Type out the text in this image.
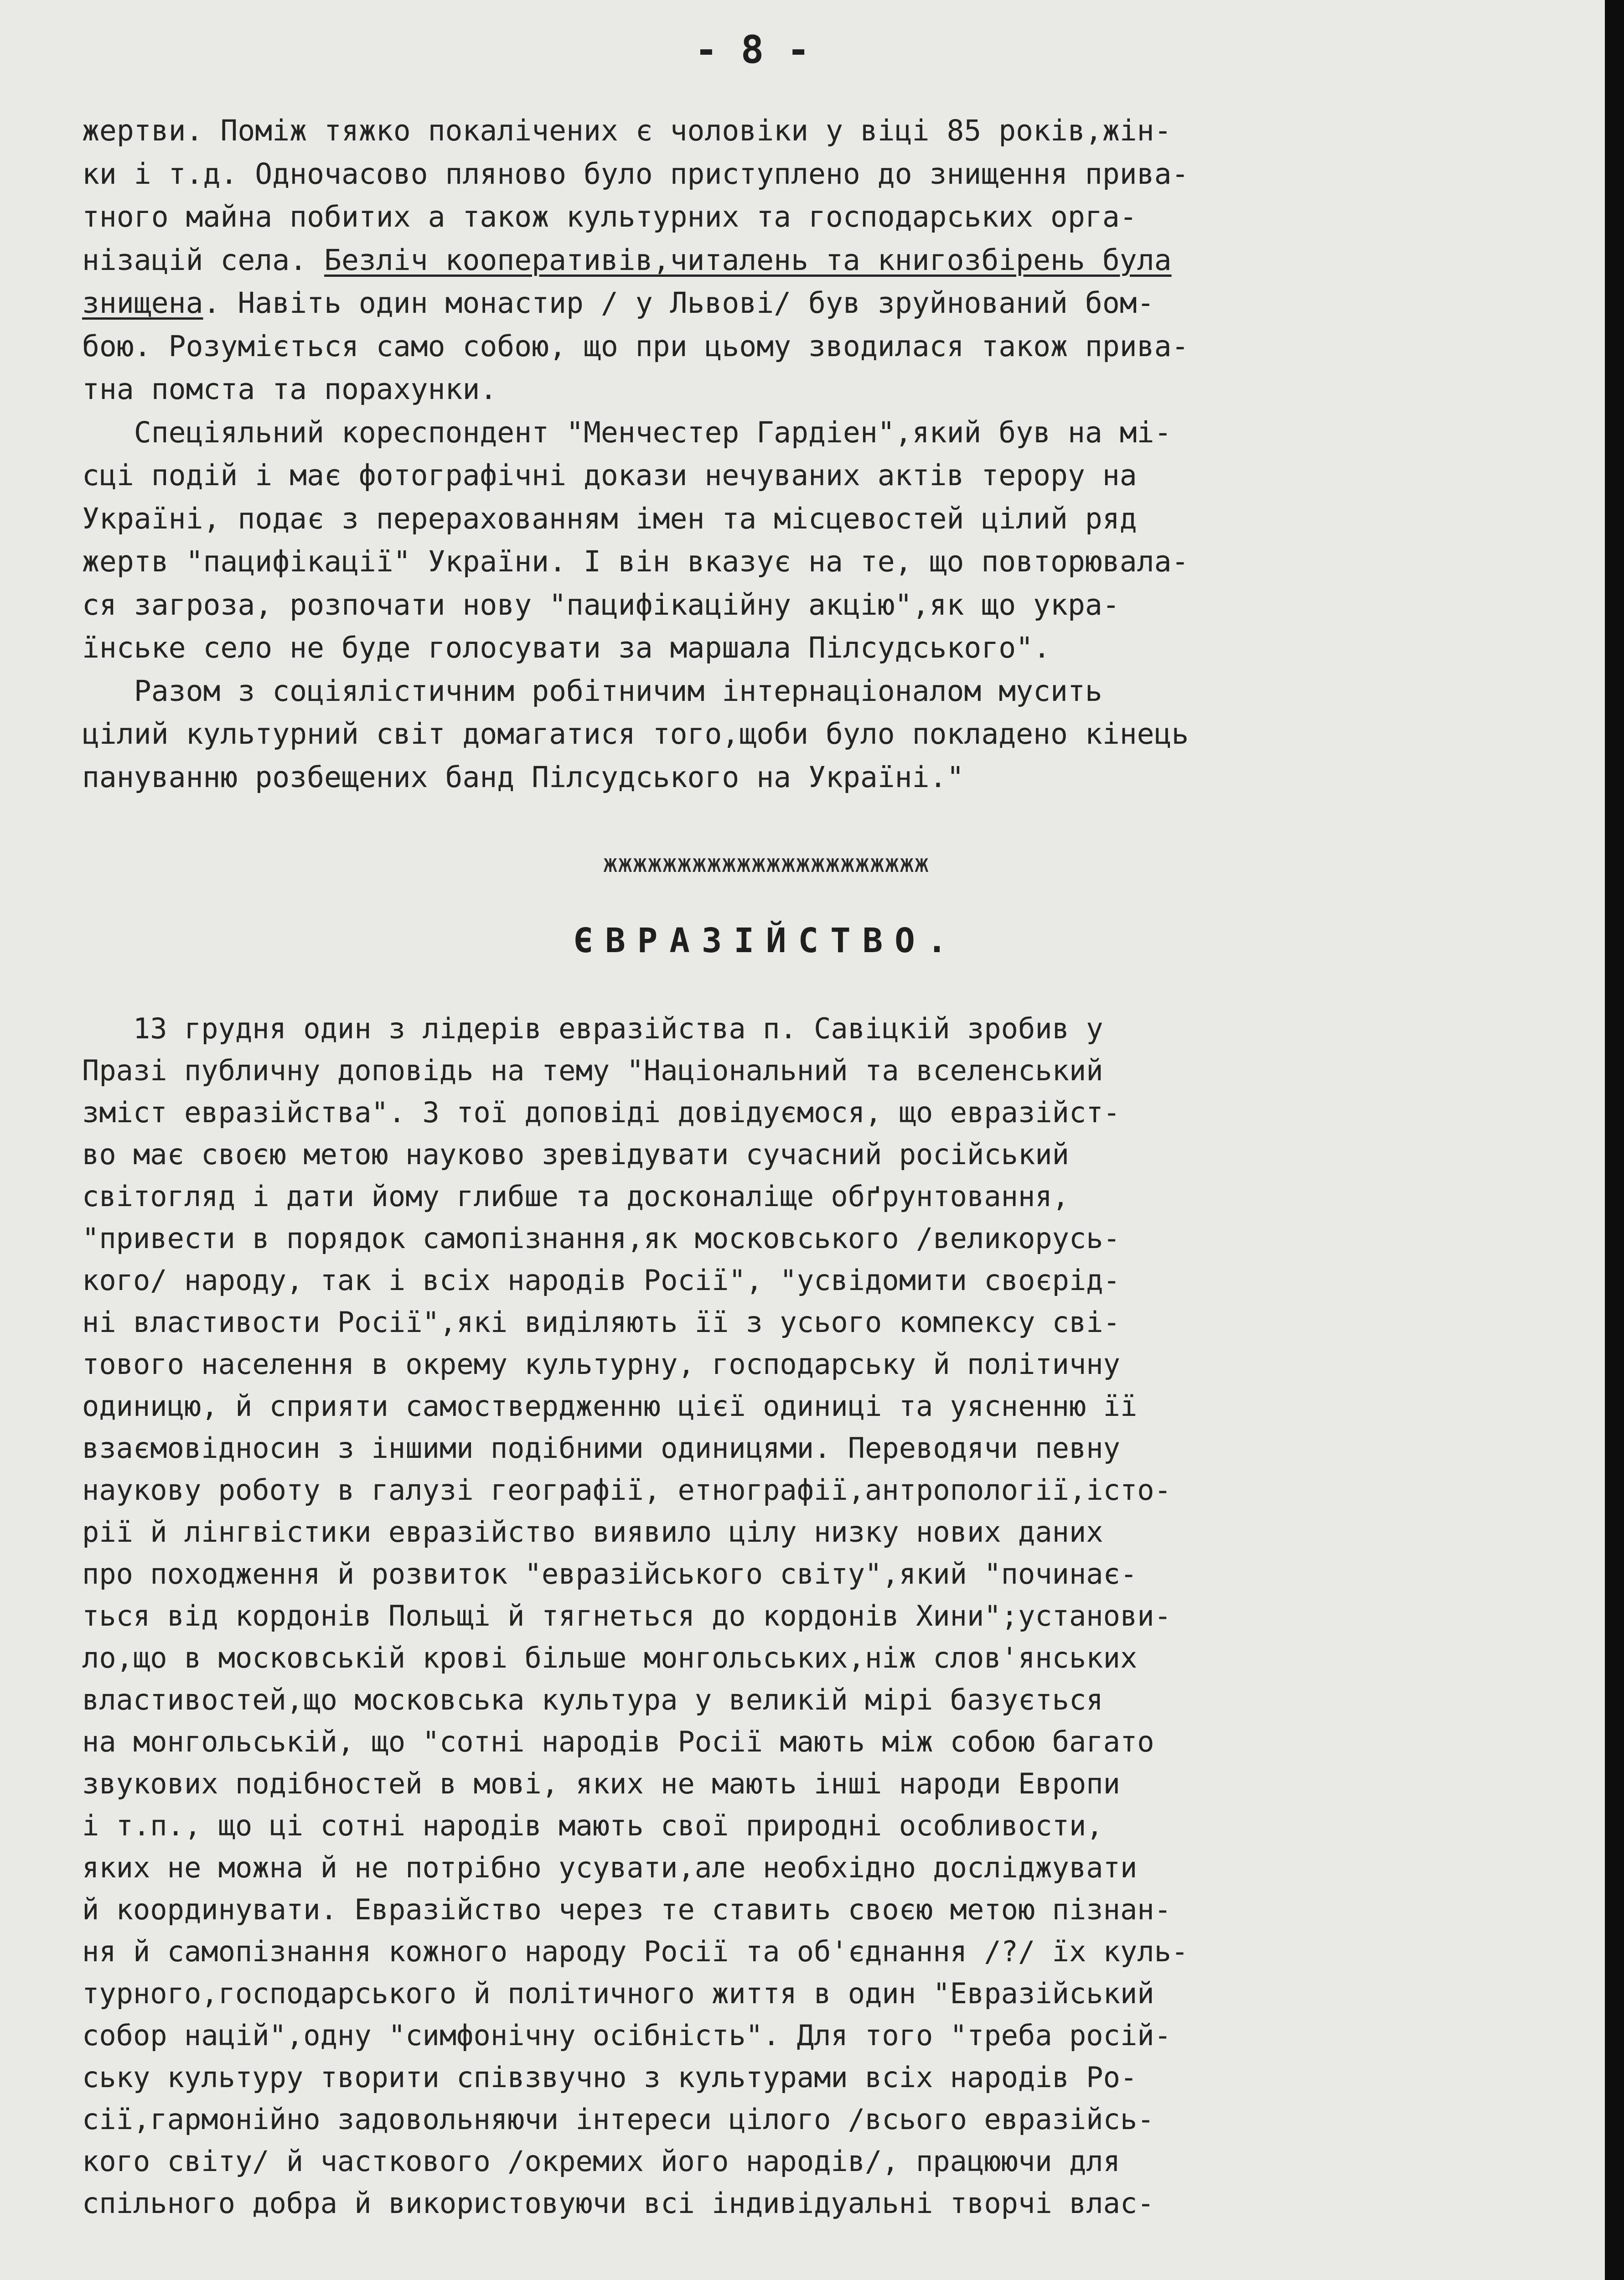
- 8 -

жертви. Поміж тяжко покалічених є чоловіки у віці 85 років,жін-
ки і т.д. Одночасово пляново було приступлено до знищення прива-
тного майна побитих а також культурних та господарських орга-
нізацій села. Безліч кооперативів,читалень та книгозбірень була
знищена. Навіть один монастир / у Львові/ був зруйнований бом-
бою. Розуміється само собою, що при цьому зводилася також прива-
тна помста та порахунки.
Спеціяльний кореспондент "Менчестер Гардіен",який був на мі-
сці подій і має фотографічні докази нечуваних актів терору на
Україні, подає з перерахованням імен та місцевостей цілий ряд
жертв "пацифікації" України. І він вказує на те, що повторювала-
ся загроза, розпочати нову "пацифікаційну акцію",як що укра-
їнське село не буде голосувати за маршала Пілсудського".
Разом з соціялістичним робітничим інтернаціоналом мусить
цілий культурний світ домагатися того,щоби було покладено кінець
пануванню розбещених банд Пілсудського на Україні."

жжжжжжжжжжжжжжжжжжжжжж

ЄВРАЗІЙСТВО.
13 грудня один з лідерів евразійства п. Савіцкій зробив у
Празі публичну доповідь на тему "Національний та вселенський
зміст евразійства". З тої доповіді довідуємося, що евразійст-
во має своєю метою науково зревідувати сучасний російський
світогляд і дати йому глибше та досконаліще обґрунтовання,
"привести в порядок самопізнання,як московського /великорусь-
кого/ народу, так і всіх народів Росії", "усвідомити своєрід-
ні властивости Росії",які виділяють її з усього компексу сві-
тового населення в окрему культурну, господарську й політичну
одиницю, й сприяти самоствердженню цієї одиниці та уясненню її
взаємовідносин з іншими подібними одиницями. Переводячи певну
наукову роботу в галузі географії, етнографії,антропології,істо-
рії й лінгвістики евразійство виявило цілу низку нових даних
про походження й розвиток "евразійського світу",який "починає-
ться від кордонів Польщі й тягнеться до кордонів Хини";установи-
ло,що в московській крові більше монгольських,ніж слов'янських
властивостей,що московська культура у великій мірі базується
на монгольській, що "сотні народів Росії мають між собою багато
звукових подібностей в мові, яких не мають інші народи Европи
і т.п., що ці сотні народів мають свої природні особливости,
яких не можна й не потрібно усувати,але необхідно досліджувати
й координувати. Евразійство через те ставить своєю метою пізнан-
ня й самопізнання кожного народу Росії та об'єднання /?/ їх куль-
турного,господарського й політичного життя в один "Евразійський
собор націй",одну "симфонічну осібність". Для того "треба росій-
ську культуру творити співзвучно з культурами всіх народів Ро-
сії,гармонійно задовольняючи інтереси цілого /всього евразійсь-
кого світу/ й часткового /окремих його народів/, працюючи для
спільного добра й використовуючи всі індивідуальні творчі влас-
